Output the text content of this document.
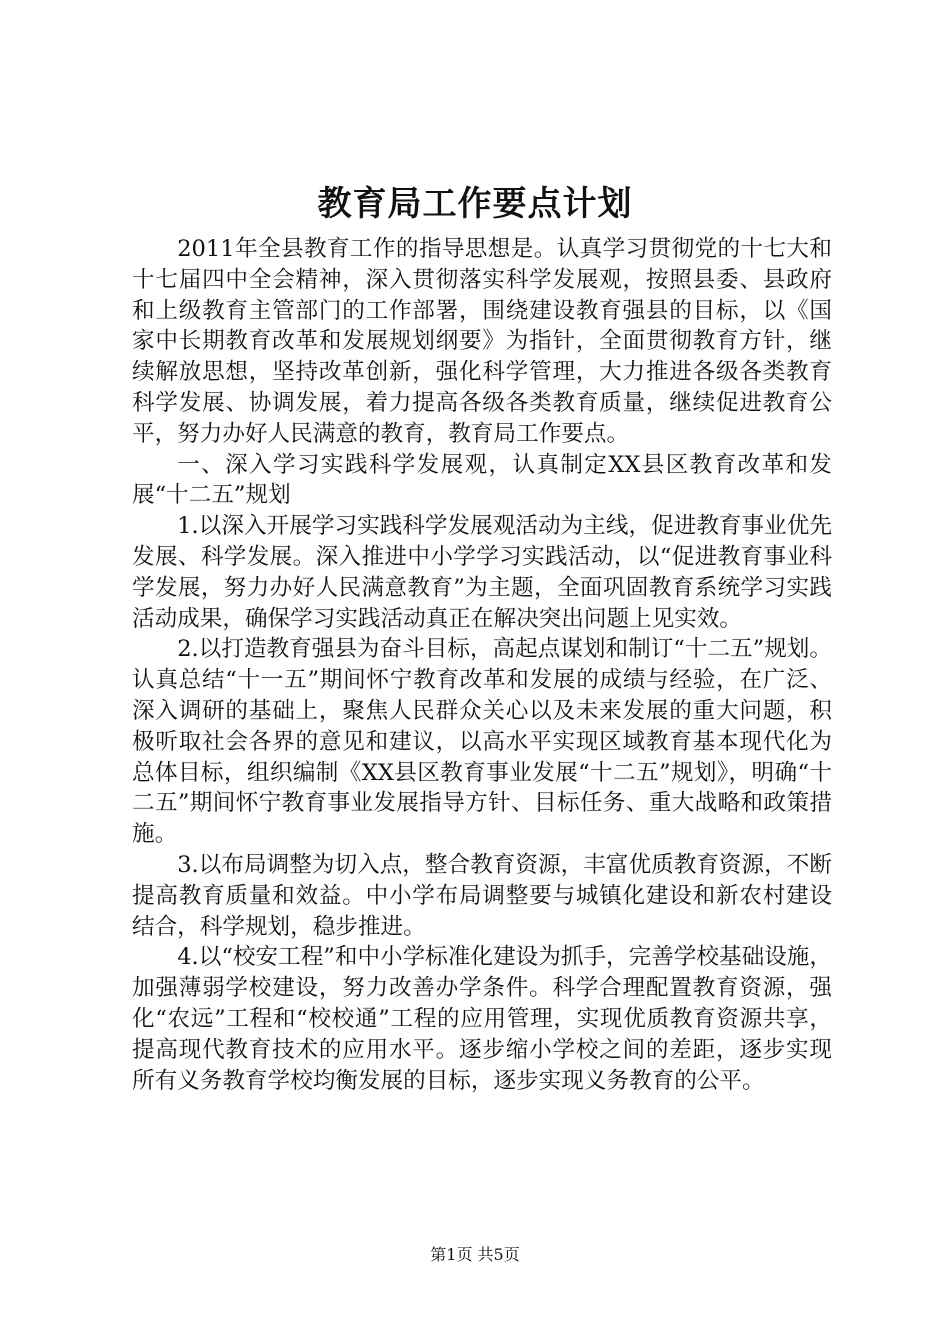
教育局工作要点计划

2011年全县教育工作的指导思想是。认真学习贯彻党的十七大和十七届四中全会精神，深入贯彻落实科学发展观，按照县委、县政府和上级教育主管部门的工作部署，围绕建设教育强县的目标，以《国家中长期教育改革和发展规划纲要》为指针，全面贯彻教育方针，继续解放思想，坚持改革创新，强化科学管理，大力推进各级各类教育科学发展、协调发展，着力提高各级各类教育质量，继续促进教育公平，努力办好人民满意的教育，教育局工作要点。

一、深入学习实践科学发展观，认真制定XX县区教育改革和发展“十二五”规划

1.以深入开展学习实践科学发展观活动为主线，促进教育事业优先发展、科学发展。深入推进中小学学习实践活动，以“促进教育事业科学发展，努力办好人民满意教育”为主题，全面巩固教育系统学习实践活动成果，确保学习实践活动真正在解决突出问题上见实效。

2.以打造教育强县为奋斗目标，高起点谋划和制订“十二五”规划。认真总结“十一五”期间怀宁教育改革和发展的成绩与经验，在广泛、深入调研的基础上，聚焦人民群众关心以及未来发展的重大问题，积极听取社会各界的意见和建议，以高水平实现区域教育基本现代化为总体目标，组织编制《XX县区教育事业发展“十二五”规划》，明确“十二五”期间怀宁教育事业发展指导方针、目标任务、重大战略和政策措施。

3.以布局调整为切入点，整合教育资源，丰富优质教育资源，不断提高教育质量和效益。中小学布局调整要与城镇化建设和新农村建设结合，科学规划，稳步推进。

4.以“校安工程”和中小学标准化建设为抓手，完善学校基础设施，加强薄弱学校建设，努力改善办学条件。科学合理配置教育资源，强化“农远”工程和“校校通”工程的应用管理，实现优质教育资源共享，提高现代教育技术的应用水平。逐步缩小学校之间的差距，逐步实现所有义务教育学校均衡发展的目标，逐步实现义务教育的公平。

第1页 共5页
